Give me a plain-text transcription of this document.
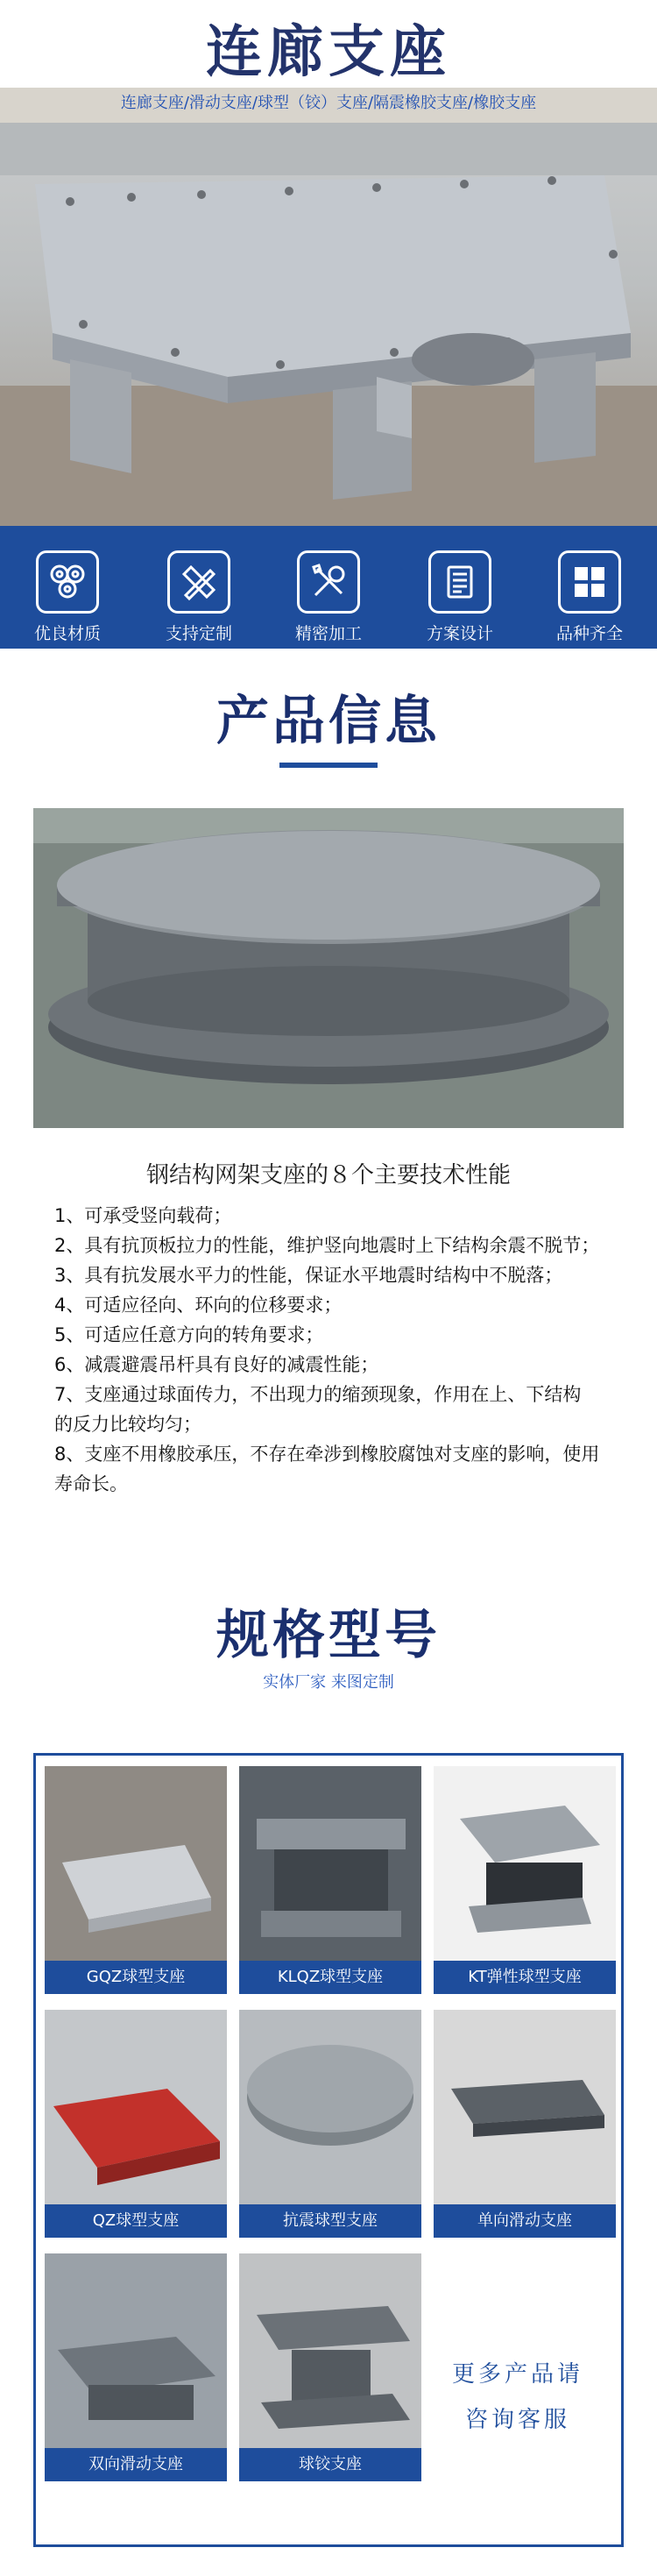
连廊支座
连廊支座/滑动支座/球型（铰）支座/隔震橡胶支座/橡胶支座
优良材质	支持定制	精密加工	方案设计	品种齐全
产品信息
钢结构网架支座的８个主要技术性能
1、可承受竖向载荷；
2、具有抗顶板拉力的性能，维护竖向地震时上下结构余震不脱节；
3、具有抗发展水平力的性能，保证水平地震时结构中不脱落；
4、可适应径向、环向的位移要求；
5、可适应任意方向的转角要求；
6、减震避震吊杆具有良好的减震性能；
7、支座通过球面传力，不出现力的缩颈现象，作用在上、下结构
的反力比较均匀；
8、支座不用橡胶承压，不存在牵涉到橡胶腐蚀对支座的影响，使用寿命长。
规格型号
实体厂家 来图定制
GQZ球型支座	KLQZ球型支座	KT弹性球型支座
QZ球型支座	抗震球型支座	单向滑动支座
双向滑动支座	球铰支座
更多产品请
咨询客服
